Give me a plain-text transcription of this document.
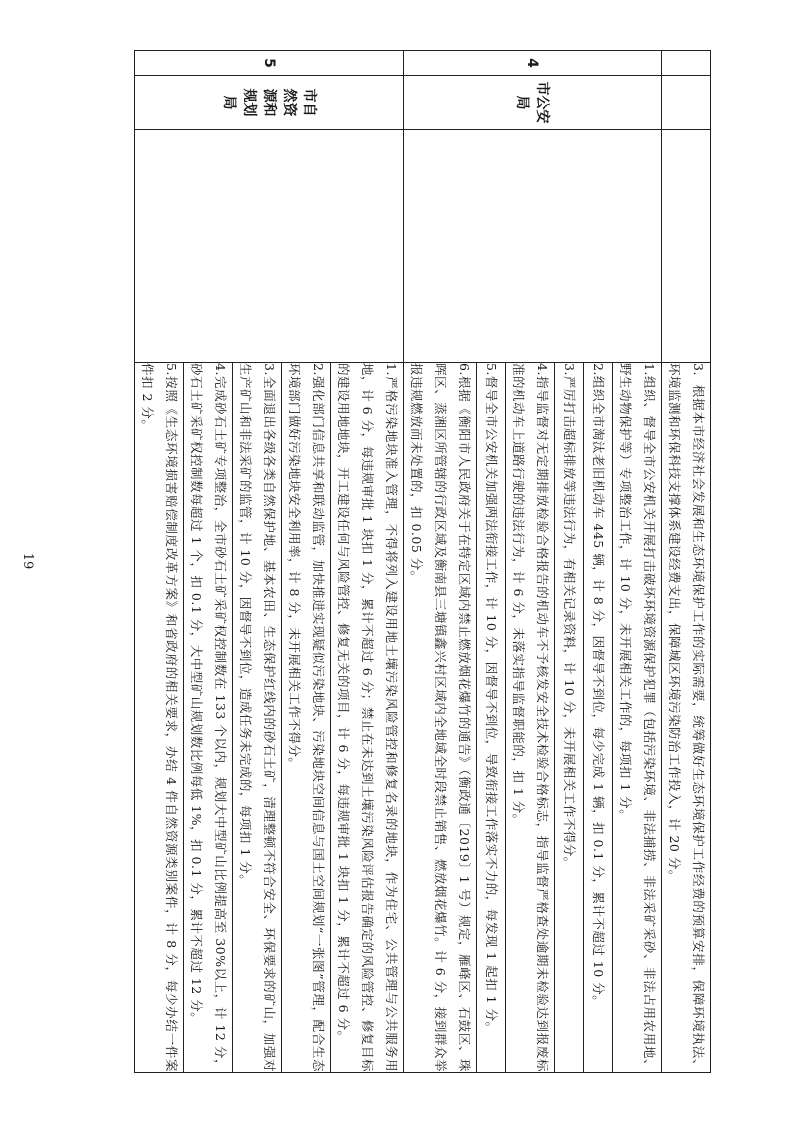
			3．根据本市经济社会发展和生态环境保护工作的实际需要，统筹做好生态环境保护工作经费的预算安排，保障环境执法、环境监测和环保科技支撑体系建设经费支出，保障城区环境污染防治工作投入，计 20 分。
4	市公安局		1.组织、督导全市公安机关开展打击破坏环境资源保护犯罪（包括污染环境、非法捕捞、非法采矿采砂、非法占用农用地、野生动物保护等）专项整治工作，计 10 分，未开展相关工作的，每项扣 1 分。
			2.组织全市淘汰老旧机动车 445 辆，计 8 分，因督导不到位，每少完成 1 辆，扣 0.1 分，累计不超过 10 分。
			3.严厉打击超标排放等违法行为，有相关记录资料，计 10 分，未开展相关工作不得分。
			4.指导监督对无定期排放检验合格报告的机动车不予核发安全技术检验合格标志，指导监督严格查处逾期未检验达到报废标准的机动车上道路行驶的违法行为，计 6 分，未落实指导监督职能的，扣 1 分。
			5.督导全市公安机关加强两法衔接工作，计 10 分，因督导不到位，导致衔接工作落实不力的，每发现 1 起扣 1 分。
			6.根据《衡阳市人民政府关于在特定区域内禁止燃放烟花爆竹的通告》（衡政通〔2019〕1 号）规定，雁峰区、石鼓区、珠晖区、蒸湘区所管辖的行政区域及衡南县三塘镇鑫兴村区域内全地域全时段禁止销售、燃放烟花爆竹。计 6 分，接到群众举报违规燃放而未处置的，扣 0.05 分。
5	市自然资源和规划局		1.严格污染地块准入管理，不得将列入建设用地土壤污染风险管控和修复名录的地块，作为住宅、公共管理与公共服务用地，计 6 分，每违规审批 1 块扣 1 分，累计不超过 6 分；禁止在未达到土壤污染风险评估报告确定的风险管控、修复目标的建设用地地块，开工建设任何与风险管控、修复无关的项目，计 6 分，每违规审批 1 块扣 1 分，累计不超过 6 分。
			2.强化部门信息共享和联动监管，加快推进实现疑似污染地块、污染地块空间信息与国土空间规划“一张图”管理，配合生态环境部门做好污染地块安全利用率，计 8 分，未开展相关工作不得分。
			3.全面退出各级各类自然保护地、基本农田、生态保护红线内的砂石土矿，清理整顿不符合安全、环保要求的矿山，加强对生产矿山和非法采矿的监管，计 10 分，因督导不到位，造成任务未完成的，每项扣 1 分。
			4.完成砂石土矿专项整治，全市砂石土矿采矿权控制数在 133 个以内，规划大中型矿山比例提高至 30%以上，计 12 分，砂石土矿采矿权控制数每超过 1 个，扣 0.1 分，大中型矿山规划数比例每低 1%，扣 0.1 分，累计不超过 12 分。
			5.按照《生态环境损害赔偿制度改革方案》和省政府的相关要求，办结 4 件自然资源类别案件，计 8 分，每少办结一件案件扣 2 分。
19
